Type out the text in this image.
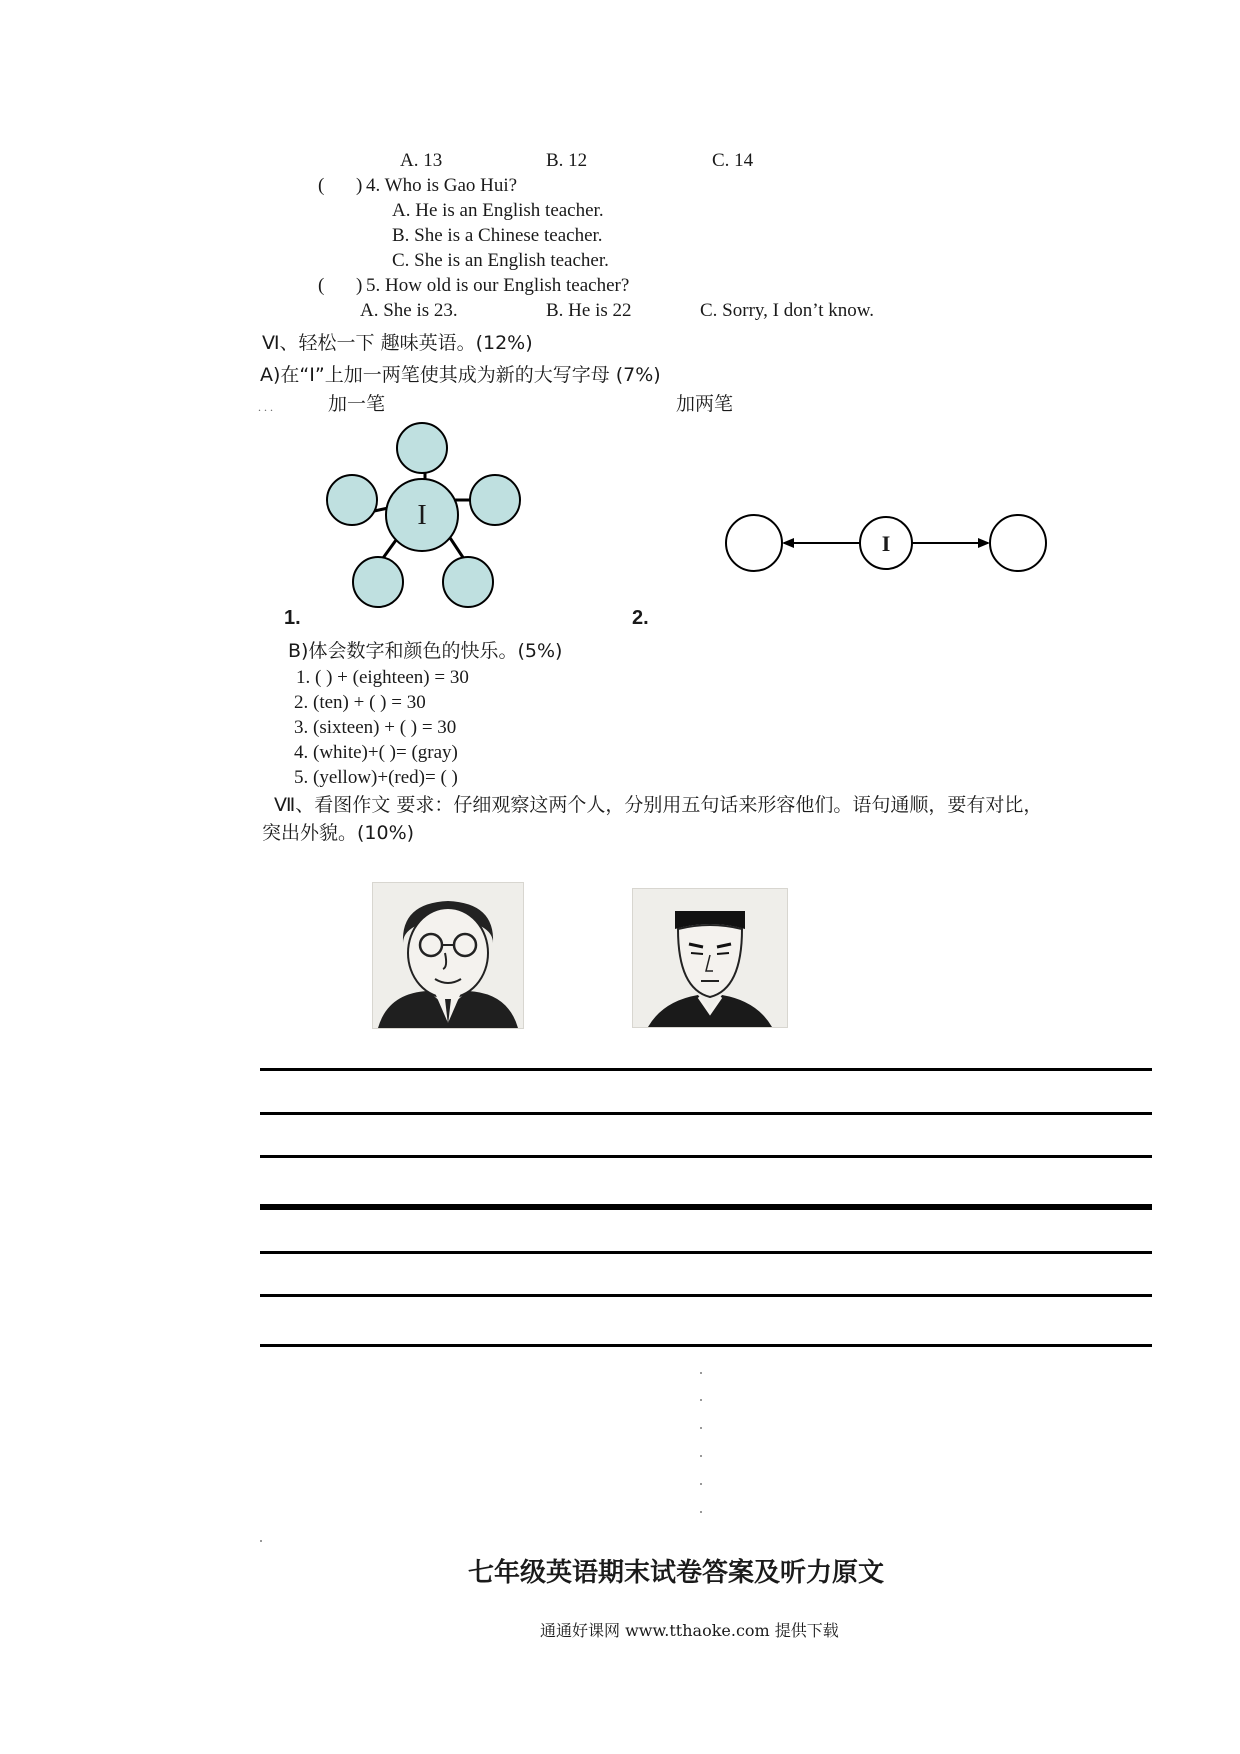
A. 13	B. 12	C. 14
( ) 4. Who is Gao Hui?
A. He is an English teacher.
B. She is a Chinese teacher.
C. She is an English teacher.
( ) 5. How old is our English teacher?
A. She is 23.	B. He is 22	C. Sorry, I don’t know.
Ⅵ、轻松一下 趣味英语。(12%)
A)在“I”上加一两笔使其成为新的大写字母 (7%)
. . .	加一笔	加两笔
I
I
1.	2.
B)体会数字和颜色的快乐。(5%)
1. ( ) + (eighteen) = 30
2. (ten) + ( ) = 30
3. (sixteen) + ( ) = 30
4. (white)+( )= (gray)
5. (yellow)+(red)= ( )
Ⅶ、看图作文 要求：仔细观察这两个人，分别用五句话来形容他们。语句通顺，要有对比，
突出外貌。(10%)
七年级英语期末试卷答案及听力原文
通通好课网 www.tthaoke.com 提供下载
